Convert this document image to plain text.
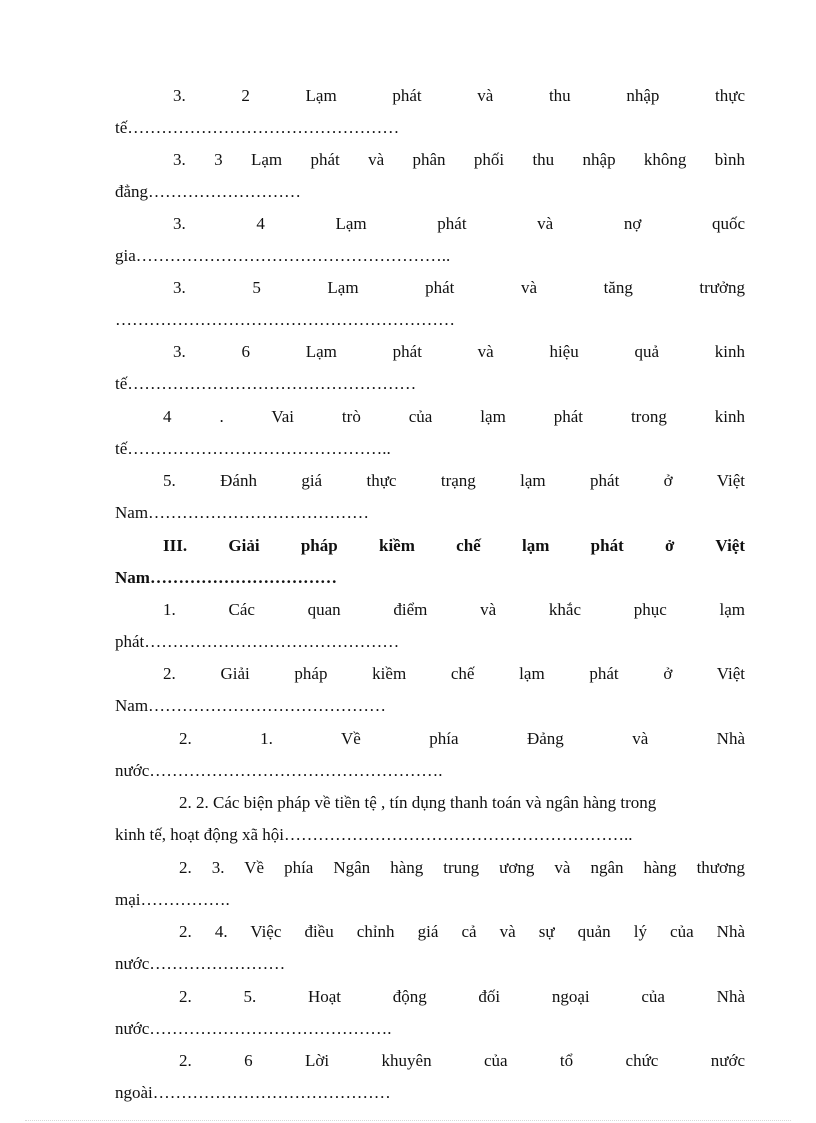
3. 2 Lạm phát và thu nhập thực
tế…………………………………………
3. 3 Lạm phát và phân phối thu nhập không bình
đẳng………………………
3. 4 Lạm phát và nợ quốc
gia………………………………………………..
3. 5 Lạm phát và tăng trưởng
……………………………………………………
3. 6 Lạm phát và hiệu quả kinh
tế……………………………………………
4 . Vai trò của lạm phát trong kinh
tế………………………………………..
5. Đánh giá thực trạng lạm phát ở Việt
Nam…………………………………
III. Giải pháp kiềm chế lạm phát ở Việt
Nam……………………………
1. Các quan điểm và khắc phục lạm
phát………………………………………
2. Giải pháp kiềm chế lạm phát ở Việt
Nam……………………………………
2. 1. Về phía Đảng và Nhà
nước…………………………………………….
2. 2. Các biện pháp về tiền tệ , tín dụng thanh toán và ngân hàng trong
kinh tế, hoạt động xã hội……………………………………………………..
2. 3. Về phía Ngân hàng trung ương và ngân hàng thương
mại…………….
2. 4. Việc điều chỉnh giá cả và sự quản lý của Nhà
nước……………………
2. 5. Hoạt động đối ngoại của Nhà
nước…………………………………….
2. 6 Lời khuyên của tổ chức nước
ngoài……………………………………
